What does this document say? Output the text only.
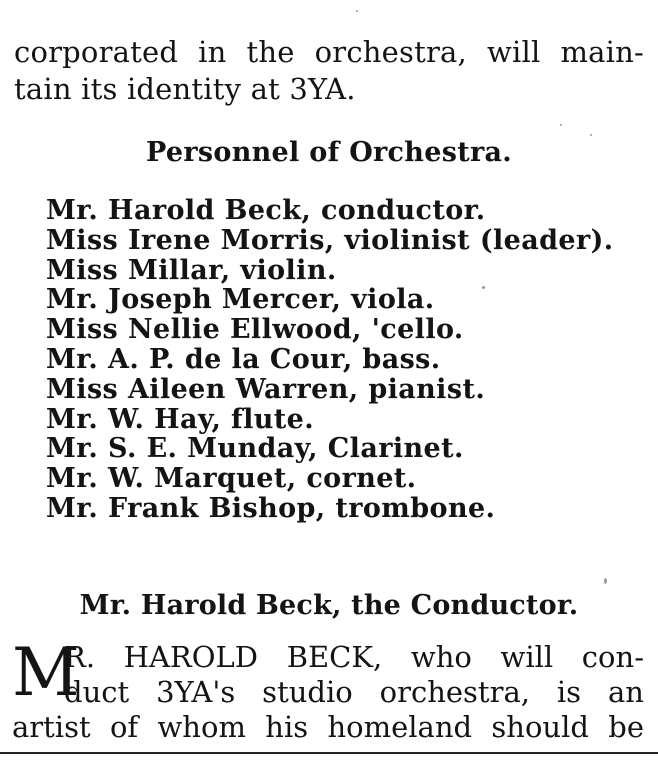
corporated in the orchestra, will main-
tain its identity at 3YA.
Personnel of Orchestra.
Mr. Harold Beck, conductor.
Miss Irene Morris, violinist (leader).
Miss Millar, violin.
Mr. Joseph Mercer, viola.
Miss Nellie Ellwood, 'cello.
Mr. A. P. de la Cour, bass.
Miss Aileen Warren, pianist.
Mr. W. Hay, flute.
Mr. S. E. Munday, Clarinet.
Mr. W. Marquet, cornet.
Mr. Frank Bishop, trombone.
Mr. Harold Beck, the Conductor.
M
R. HAROLD BECK, who will con-
duct 3YA's studio orchestra, is an
artist of whom his homeland should be
